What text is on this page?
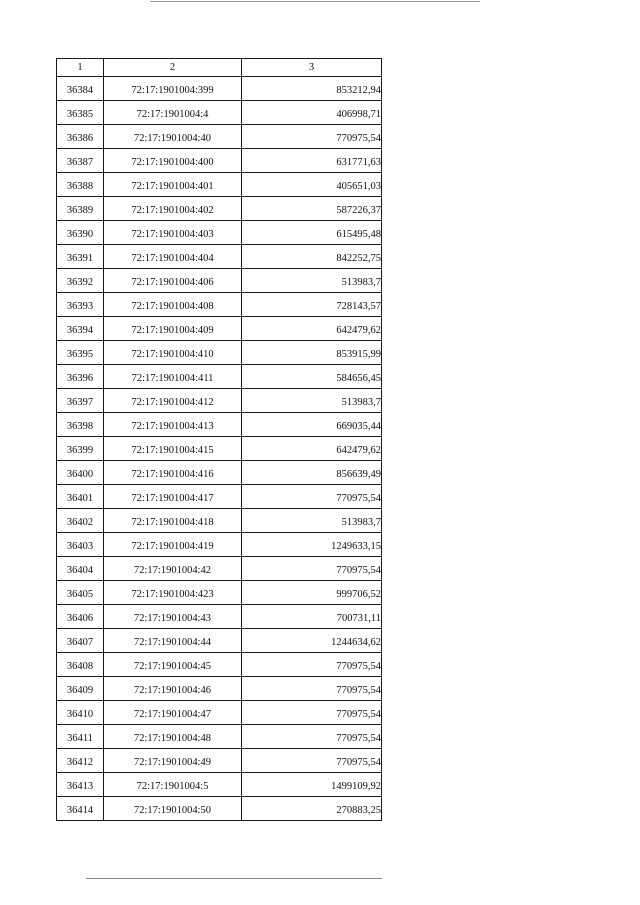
1	2	3
36384	72:17:1901004:399	853212,94
36385	72:17:1901004:4	406998,71
36386	72:17:1901004:40	770975,54
36387	72:17:1901004:400	631771,63
36388	72:17:1901004:401	405651,03
36389	72:17:1901004:402	587226,37
36390	72:17:1901004:403	615495,48
36391	72:17:1901004:404	842252,75
36392	72:17:1901004:406	513983,7
36393	72:17:1901004:408	728143,57
36394	72:17:1901004:409	642479,62
36395	72:17:1901004:410	853915,99
36396	72:17:1901004:411	584656,45
36397	72:17:1901004:412	513983,7
36398	72:17:1901004:413	669035,44
36399	72:17:1901004:415	642479,62
36400	72:17:1901004:416	856639,49
36401	72:17:1901004:417	770975,54
36402	72:17:1901004:418	513983,7
36403	72:17:1901004:419	1249633,15
36404	72:17:1901004:42	770975,54
36405	72:17:1901004:423	999706,52
36406	72:17:1901004:43	700731,11
36407	72:17:1901004:44	1244634,62
36408	72:17:1901004:45	770975,54
36409	72:17:1901004:46	770975,54
36410	72:17:1901004:47	770975,54
36411	72:17:1901004:48	770975,54
36412	72:17:1901004:49	770975,54
36413	72:17:1901004:5	1499109,92
36414	72:17:1901004:50	270883,25
